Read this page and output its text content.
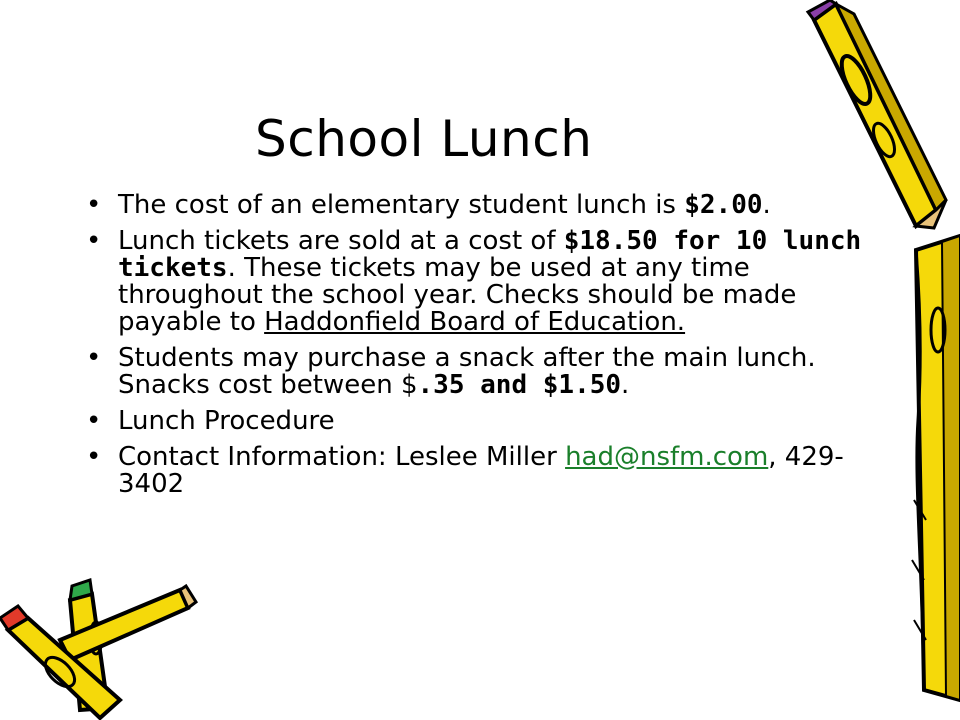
School Lunch
• The cost of an elementary student lunch is $2.00.
• Lunch tickets are sold at a cost of $18.50 for 10 lunch tickets. These tickets may be used at any time throughout the school year. Checks should be made payable to Haddonfield Board of Education.
• Students may purchase a snack after the main lunch. Snacks cost between $.35 and $1.50.
• Lunch Procedure
• Contact Information: Leslee Miller had@nsfm.com, 429-3402
